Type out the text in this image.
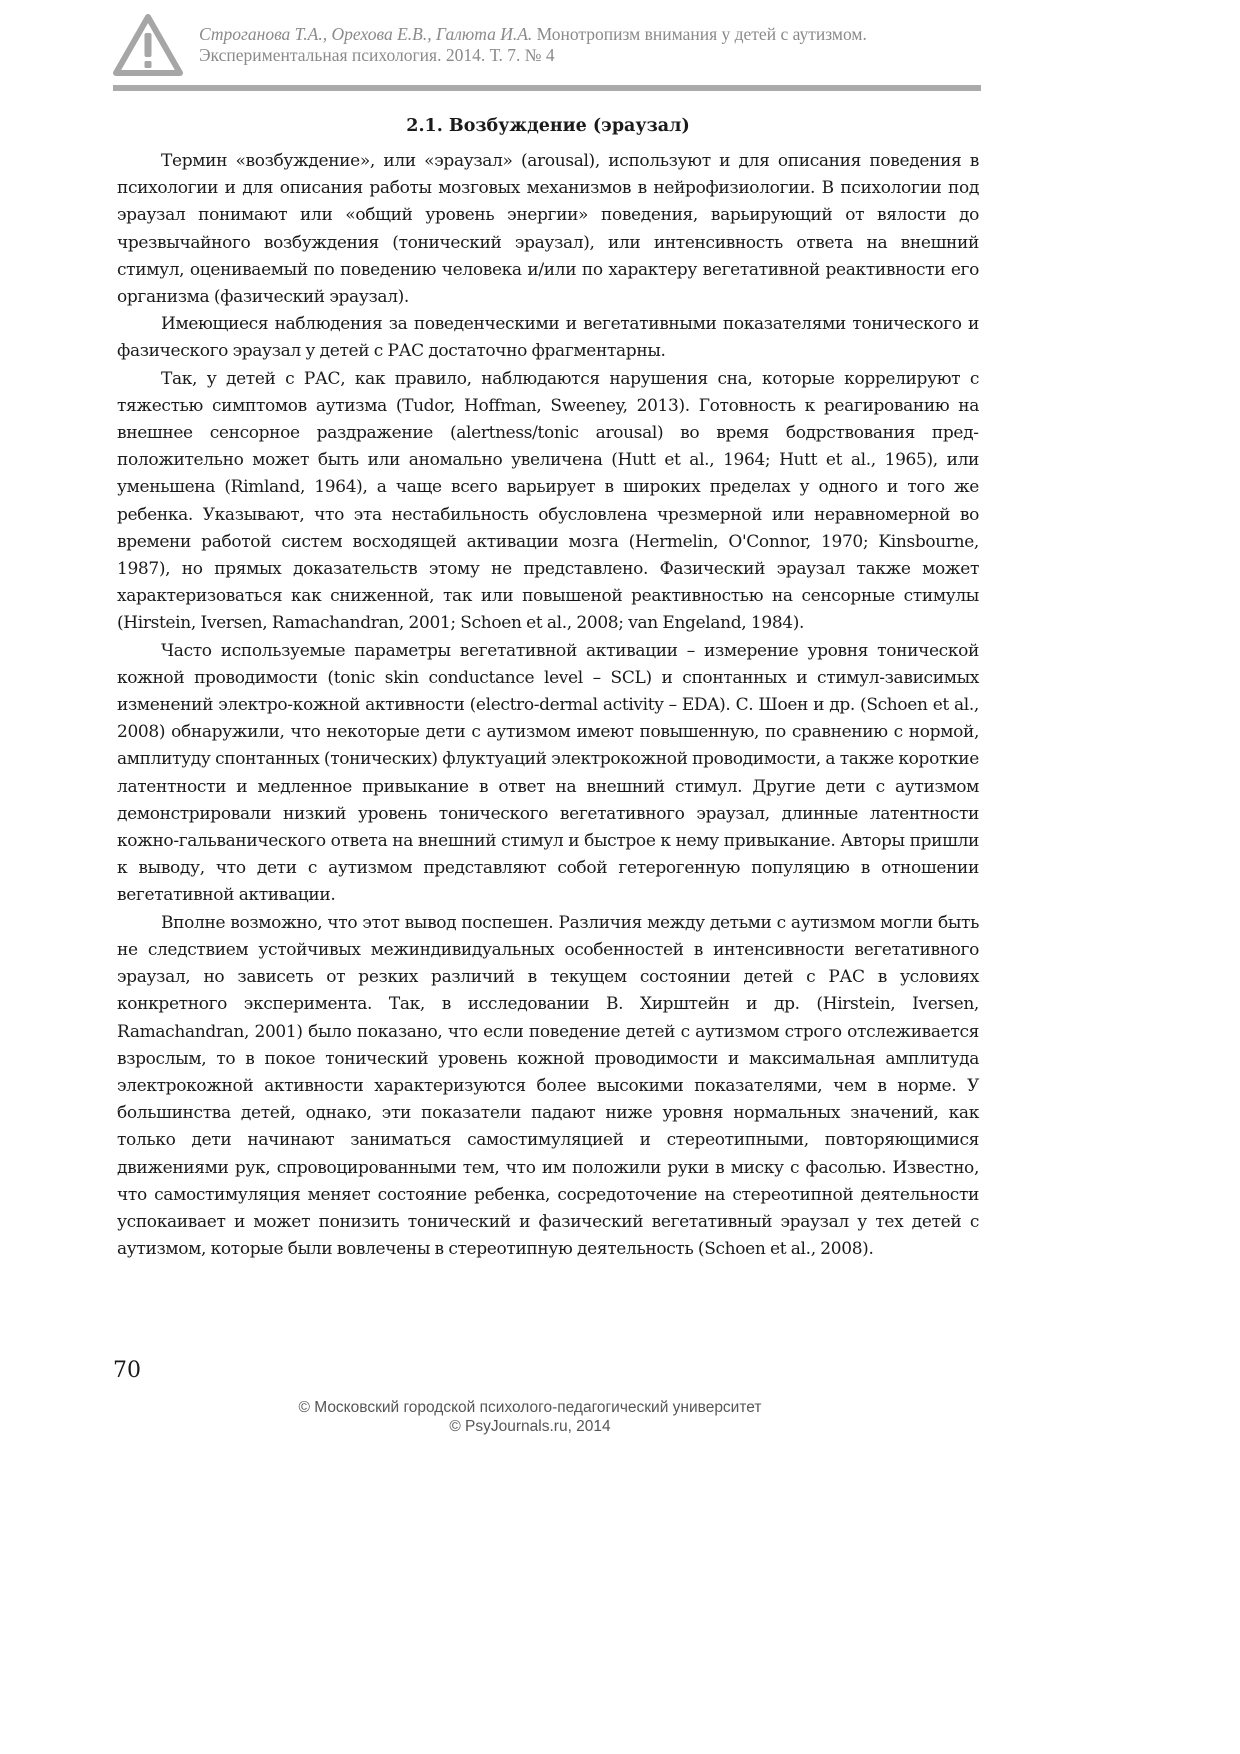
Строганова Т.А., Орехова Е.В., Галюта И.А. Монотропизм внимания у детей с аутизмом.
Экспериментальная психология. 2014. Т. 7. № 4
2.1. Возбуждение (эраузал)

Термин «возбуждение», или «эраузал» (arousal), используют и для описания поведения в психологии и для описания работы мозговых механизмов в нейрофизиологии. В психологии под эраузал понимают или «общий уровень энергии» поведения, варьирующий от вялости до чрезвычайного возбуждения (тонический эраузал), или интенсивность ответа на внешний стимул, оцениваемый по поведению человека и/или по характеру вегетативной реактивности его организма (фазический эраузал).

Имеющиеся наблюдения за поведенческими и вегетативными показателями тонического и фазического эраузал у детей с РАС достаточно фрагментарны.

Так, у детей с РАС, как правило, наблюдаются нарушения сна, которые коррелируют с тяжестью симптомов аутизма (Tudor, Hoffman, Sweeney, 2013). Готовность к реагированию на внешнее сенсорное раздражение (alertness/tonic arousal) во время бодрствования предположительно может быть или аномально увеличена (Hutt et al., 1964; Hutt et al., 1965), или уменьшена (Rimland, 1964), а чаще всего варьирует в широких пределах у одного и того же ребенка. Указывают, что эта нестабильность обусловлена чрезмерной или неравномерной во времени работой систем восходящей активации мозга (Hermelin, O'Connor, 1970; Kinsbourne, 1987), но прямых доказательств этому не представлено. Фазический эраузал также может характеризоваться как сниженной, так или повышеной реактивностью на сенсорные стимулы (Hirstein, Iversen, Ramachandran, 2001; Schoen et al., 2008; van Engeland, 1984).

Часто используемые параметры вегетативной активации – измерение уровня тонической кожной проводимости (tonic skin conductance level – SCL) и спонтанных и стимул-зависимых изменений электро-кожной активности (electro-dermal activity – EDA). С. Шоен и др. (Schoen et al., 2008) обнаружили, что некоторые дети с аутизмом имеют повышенную, по сравнению с нормой, амплитуду спонтанных (тонических) флуктуаций электрокожной проводимости, а также короткие латентности и медленное привыкание в ответ на внешний стимул. Другие дети с аутизмом демонстрировали низкий уровень тонического вегетативного эраузал, длинные латентности кожно-гальванического ответа на внешний стимул и быстрое к нему привыкание. Авторы пришли к выводу, что дети с аутизмом представляют собой гетерогенную популяцию в отношении вегетативной активации.

Вполне возможно, что этот вывод поспешен. Различия между детьми с аутизмом могли быть не следствием устойчивых межиндивидуальных особенностей в интенсивности вегетативного эраузал, но зависеть от резких различий в текущем состоянии детей с РАС в условиях конкретного эксперимента. Так, в исследовании В. Хирштейн и др. (Hirstein, Iversen, Ramachandran, 2001) было показано, что если поведение детей с аутизмом строго отслеживается взрослым, то в покое тонический уровень кожной проводимости и максимальная амплитуда электрокожной активности характеризуются более высокими показателями, чем в норме. У большинства детей, однако, эти показатели падают ниже уровня нормальных значений, как только дети начинают заниматься самостимуляцией и стереотипными, повторяющимися движениями рук, спровоцированными тем, что им положили руки в миску с фасолью. Известно, что самостимуляция меняет состояние ребенка, сосредоточение на стереотипной деятельности успокаивает и может понизить тонический и фазический вегетативный эраузал у тех детей с аутизмом, которые были вовлечены в стереотипную деятельность (Schoen et al., 2008).

70
© Московский городской психолого-педагогический университет
© PsyJournals.ru, 2014
